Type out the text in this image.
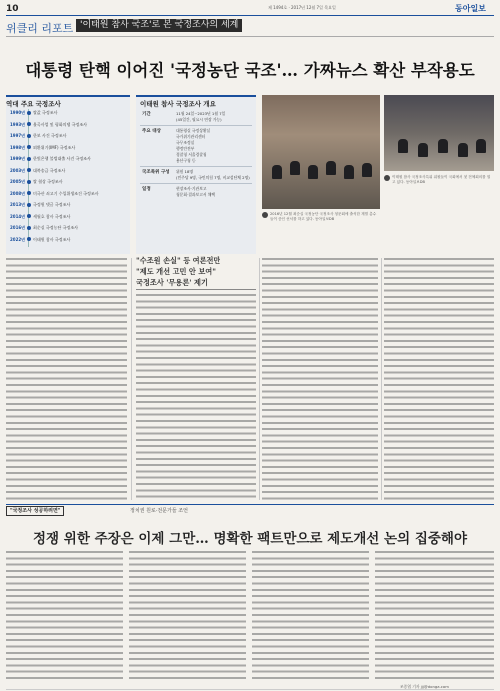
10	제 1494호 · 2017년 12월 7일 목요일	동아일보
위클리 리포트 '이태원 참사 국조'로 본 국정조사의 세계
대통령 탄핵 이어진 '국정농단 국조'… 가짜뉴스 확산 부작용도
역대 주요 국정조사
1990년 쌀값 국정조사
1993년 율곡사업 및 평화의댐 국정조사
1997년 한보 사건 국정조사
1998년 외환위기(IMF) 국정조사
1999년 한빛은행 불법대출 사건 국정조사
2003년 대북송금 국정조사
2005년 쌀 협상 국정조사
2008년 미국산 쇠고기 수입위생조건 국정조사
2013년 국정원 댓글 국정조사
2014년 세월호 참사 국정조사
2016년 최순실 국정농단 국정조사
2022년 이태원 참사 국정조사
이태원 참사 국정조사 개요
기간	11월 24일~2023년 1월 7일
(45일간, 필요시 연장 가능)
주요 대상	대통령실 국정상황실
국가위기관리센터
국무조정실
행정안전부
경찰청 서울경찰청
용산구청 등
국조특위 구성	위원 18명
(민주당 9명, 국민의힘 7명, 비교섭단체 2명)
일정	현장조사·기관보고
청문회·결과보고서 채택
2016년 12월 최순실 국정농단 국정조사 청문회에 출석한 재벌 총수들이 증인 선서를 하고 있다. 동아일보DB
이태원 참사 국정조사특위 위원들이 국회에서 첫 전체회의를 열고 있다. 동아일보DB
"수조원 손실" 등 여론전만
"제도 개선 고민 안 보여"
국정조사 '무용론' 제기
"국정조사 성공하려면"	정치권 원로·전문가들 조언
정쟁 위한 주장은 이제 그만… 명확한 팩트만으로 제도개선 논의 집중해야
조종엽 기자 jjj@donga.com
